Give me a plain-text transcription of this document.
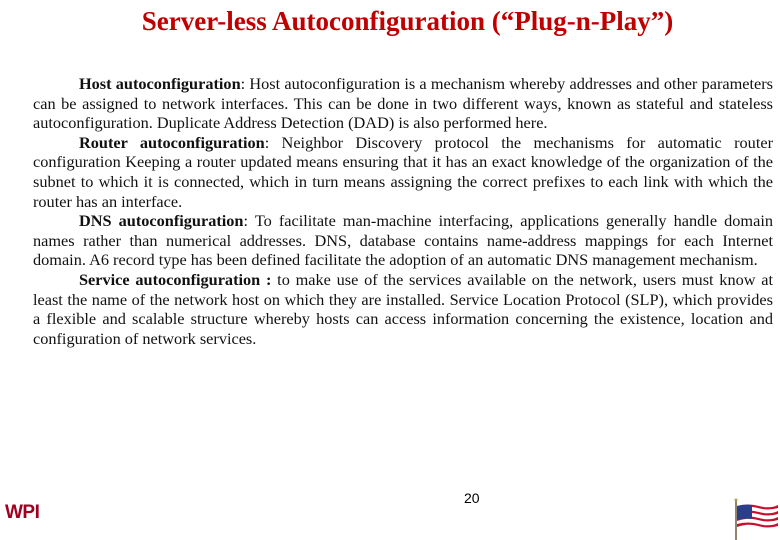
Server-less Autoconfiguration (“Plug-n-Play”)

Host autoconfiguration: Host autoconfiguration is a mechanism whereby addresses and other parameters can be assigned to network interfaces. This can be done in two different ways, known as stateful and stateless autoconfiguration. Duplicate Address Detection (DAD) is also performed here.

Router autoconfiguration: Neighbor Discovery protocol the mechanisms for automatic router configuration Keeping a router updated means ensuring that it has an exact knowledge of the organization of the subnet to which it is connected, which in turn means assigning the correct prefixes to each link with which the router has an interface.

DNS autoconfiguration: To facilitate man-machine interfacing, applications generally handle domain names rather than numerical addresses. DNS, database contains name-address mappings for each Internet domain. A6 record type has been defined facilitate the adoption of an automatic DNS management mechanism.

Service autoconfiguration : to make use of the services available on the network, users must know at least the name of the network host on which they are installed. Service Location Protocol (SLP), which provides a flexible and scalable structure whereby hosts can access information concerning the existence, location and configuration of network services.

20
WPI
